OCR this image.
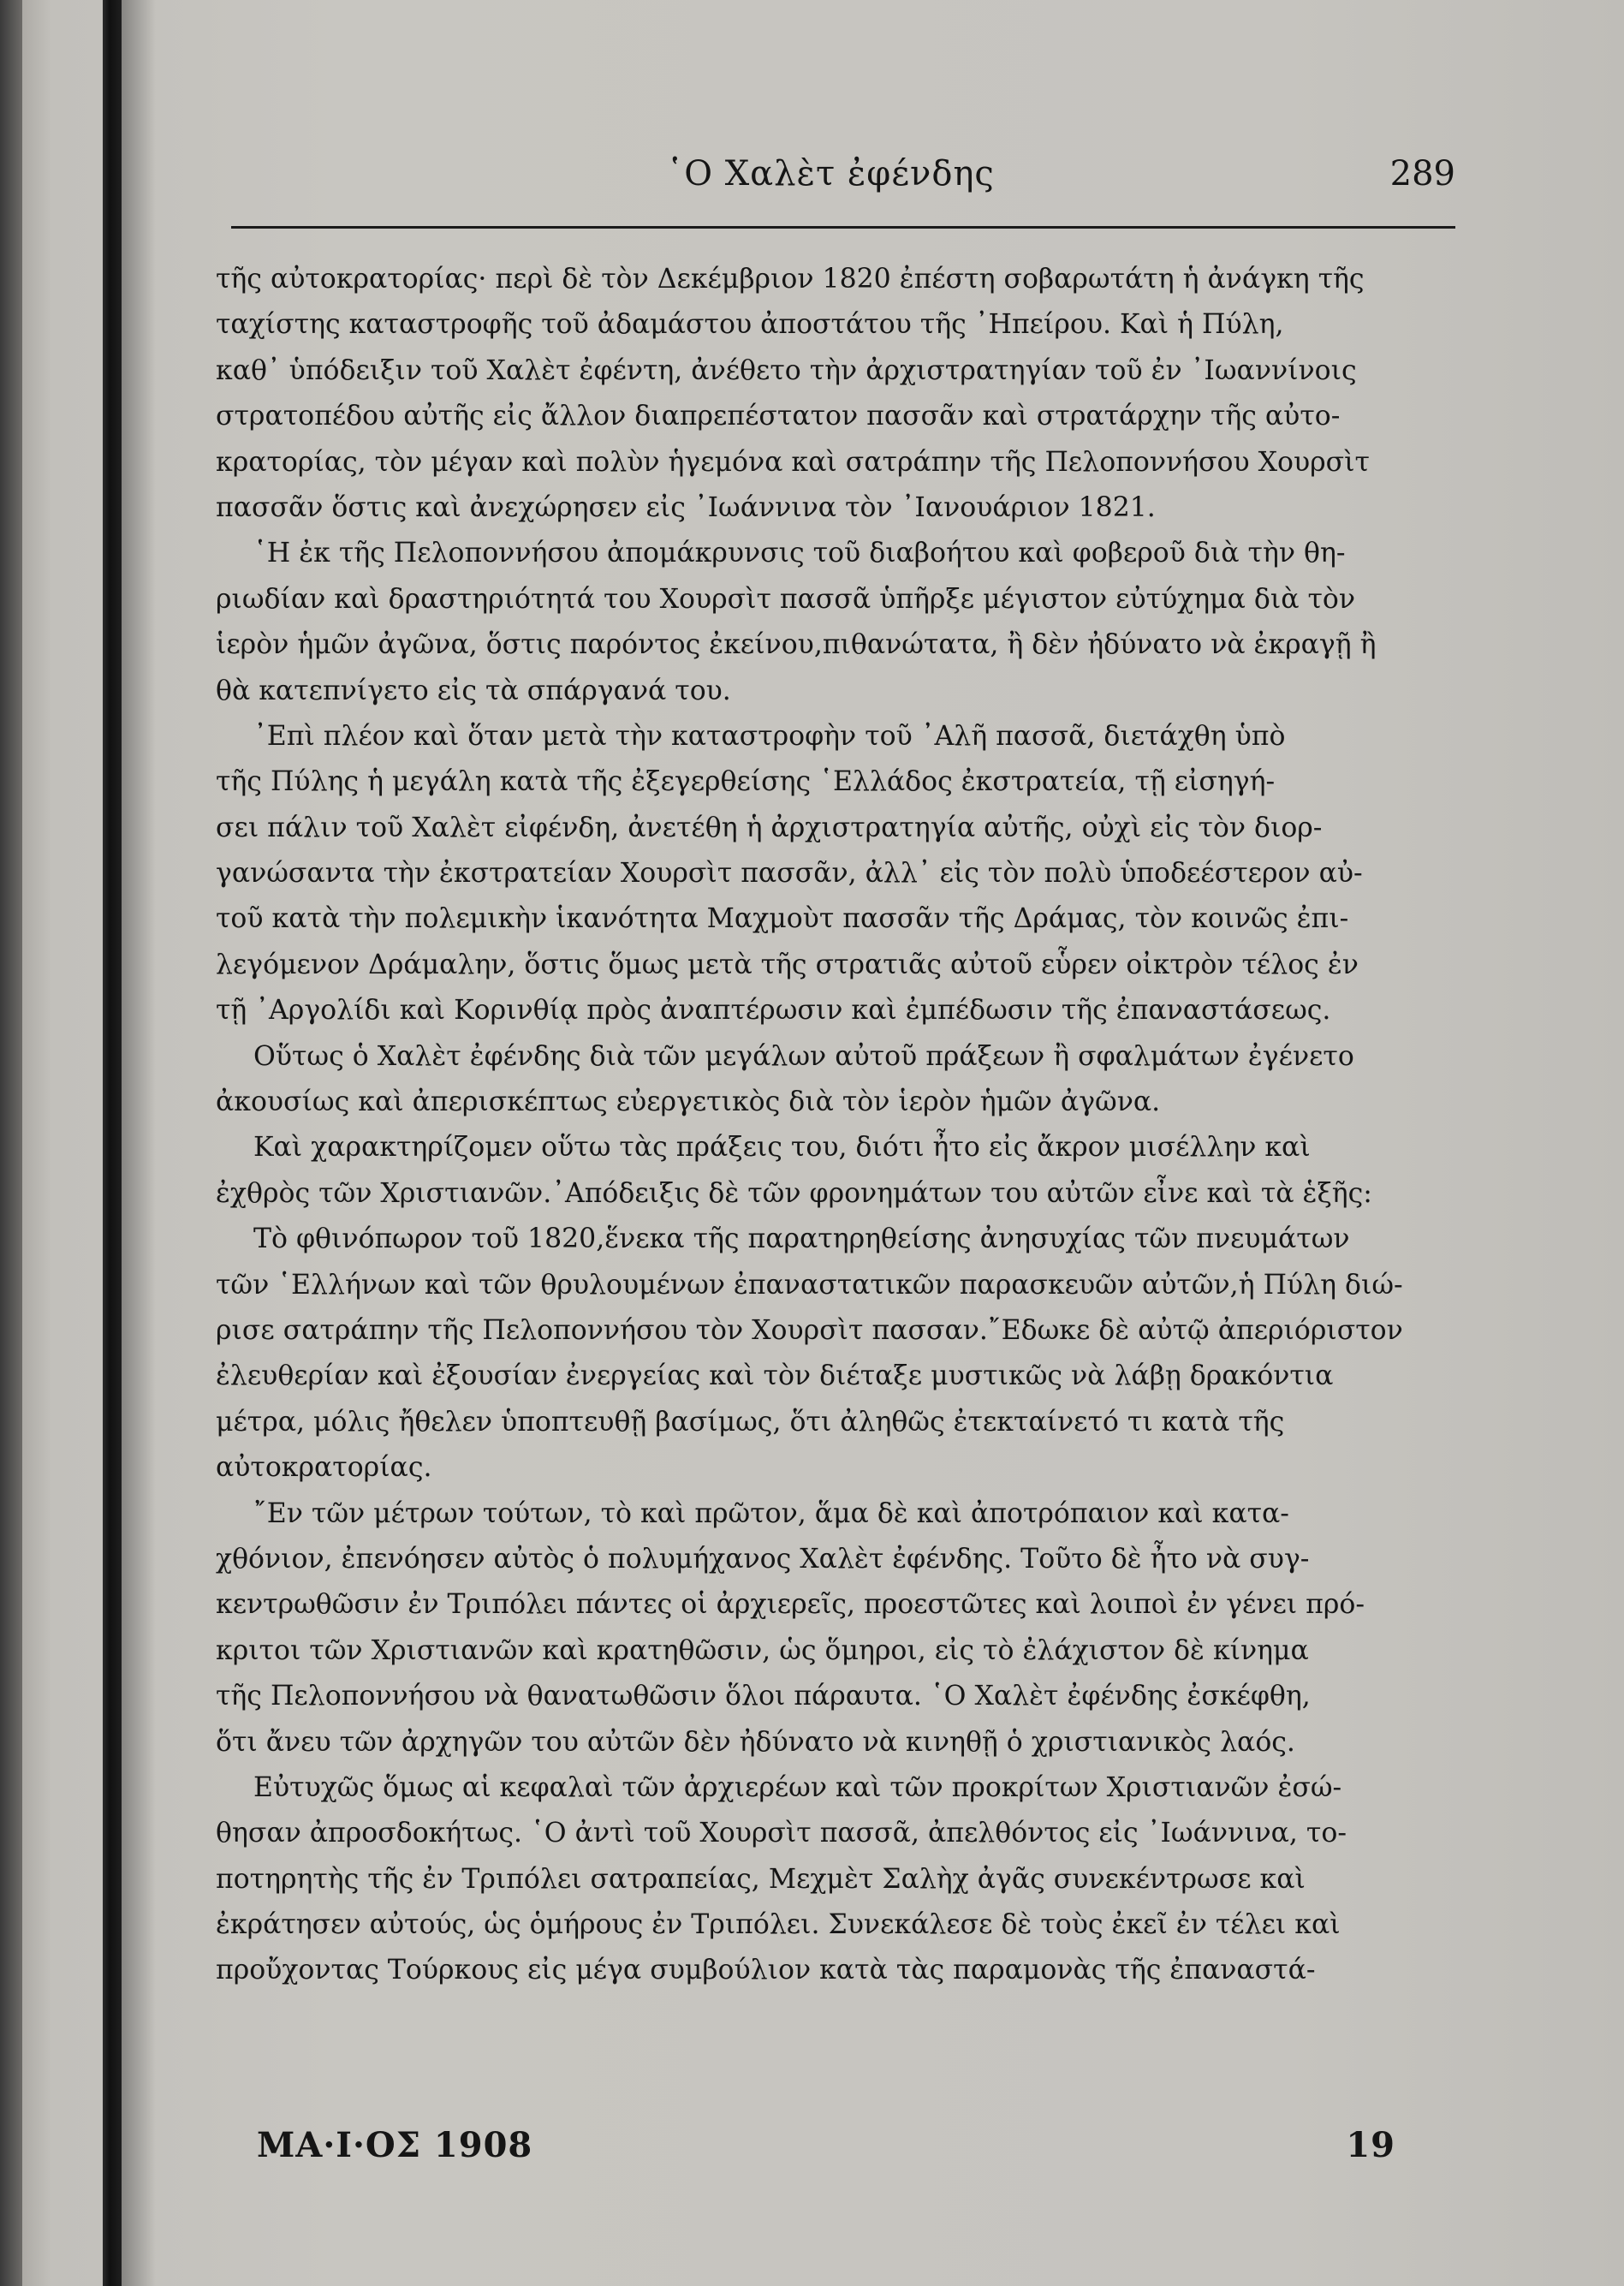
῾Ο Χαλὲτ ἐφένδης	289
τῆς αὐτοκρατορίας· περὶ δὲ τὸν Δεκέμβριον 1820 ἐπέστη σοβαρωτάτη ἡ ἀνάγκη τῆς
ταχίστης καταστροφῆς τοῦ ἀδαμάστου ἀποστάτου τῆς ᾿Ηπείρου. Καὶ ἡ Πύλη,
καθ᾿ ὑπόδειξιν τοῦ Χαλὲτ ἐφέντη, ἀνέθετο τὴν ἀρχιστρατηγίαν τοῦ ἐν ᾿Ιωαννίνοις
στρατοπέδου αὐτῆς εἰς ἄλλον διαπρεπέστατον πασσᾶν καὶ στρατάρχην τῆς αὐτο-
κρατορίας, τὸν μέγαν καὶ πολὺν ἡγεμόνα καὶ σατράπην τῆς Πελοποννήσου Χουρσὶτ
πασσᾶν ὅστις καὶ ἀνεχώρησεν εἰς ᾿Ιωάννινα τὸν ᾿Ιανουάριον 1821.
῾Η ἐκ τῆς Πελοποννήσου ἀπομάκρυνσις τοῦ διαβοήτου καὶ φοβεροῦ διὰ τὴν θη-
ριωδίαν καὶ δραστηριότητά του Χουρσὶτ πασσᾶ ὑπῆρξε μέγιστον εὐτύχημα διὰ τὸν
ἱερὸν ἡμῶν ἀγῶνα, ὅστις παρόντος ἐκείνου,πιθανώτατα, ἢ δὲν ἠδύνατο νὰ ἐκραγῇ ἢ
θὰ κατεπνίγετο εἰς τὰ σπάργανά του.
᾿Επὶ πλέον καὶ ὅταν μετὰ τὴν καταστροφὴν τοῦ ᾿Αλῆ πασσᾶ, διετάχθη ὑπὸ
τῆς Πύλης ἡ μεγάλη κατὰ τῆς ἐξεγερθείσης ῾Ελλάδος ἐκστρατεία, τῇ εἰσηγή-
σει πάλιν τοῦ Χαλὲτ εἰφένδη, ἀνετέθη ἡ ἀρχιστρατηγία αὐτῆς, οὐχὶ εἰς τὸν διορ-
γανώσαντα τὴν ἐκστρατείαν Χουρσὶτ πασσᾶν, ἀλλ᾿ εἰς τὸν πολὺ ὑποδεέστερον αὐ-
τοῦ κατὰ τὴν πολεμικὴν ἱκανότητα Μαχμοὺτ πασσᾶν τῆς Δράμας, τὸν κοινῶς ἐπι-
λεγόμενον Δράμαλην, ὅστις ὅμως μετὰ τῆς στρατιᾶς αὐτοῦ εὗρεν οἰκτρὸν τέλος ἐν
τῇ ᾿Αργολίδι καὶ Κορινθίᾳ πρὸς ἀναπτέρωσιν καὶ ἐμπέδωσιν τῆς ἐπαναστάσεως.
Οὕτως ὁ Χαλὲτ ἐφένδης διὰ τῶν μεγάλων αὐτοῦ πράξεων ἢ σφαλμάτων ἐγένετο
ἀκουσίως καὶ ἀπερισκέπτως εὐεργετικὸς διὰ τὸν ἱερὸν ἡμῶν ἀγῶνα.
Καὶ χαρακτηρίζομεν οὕτω τὰς πράξεις του, διότι ἦτο εἰς ἄκρον μισέλλην καὶ
ἐχθρὸς τῶν Χριστιανῶν.᾿Απόδειξις δὲ τῶν φρονημάτων του αὐτῶν εἶνε καὶ τὰ ἑξῆς:
Τὸ φθινόπωρον τοῦ 1820,ἕνεκα τῆς παρατηρηθείσης ἀνησυχίας τῶν πνευμάτων
τῶν ῾Ελλήνων καὶ τῶν θρυλουμένων ἐπαναστατικῶν παρασκευῶν αὐτῶν,ἡ Πύλη διώ-
ρισε σατράπην τῆς Πελοποννήσου τὸν Χουρσὶτ πασσαν.῎Εδωκε δὲ αὐτῷ ἀπεριόριστον
ἐλευθερίαν καὶ ἐξουσίαν ἐνεργείας καὶ τὸν διέταξε μυστικῶς νὰ λάβῃ δρακόντια
μέτρα, μόλις ἤθελεν ὑποπτευθῇ βασίμως, ὅτι ἀληθῶς ἐτεκταίνετό τι κατὰ τῆς
αὐτοκρατορίας.
῎Εν τῶν μέτρων τούτων, τὸ καὶ πρῶτον, ἅμα δὲ καὶ ἀποτρόπαιον καὶ κατα-
χθόνιον, ἐπενόησεν αὐτὸς ὁ πολυμήχανος Χαλὲτ ἐφένδης. Τοῦτο δὲ ἦτο νὰ συγ-
κεντρωθῶσιν ἐν Τριπόλει πάντες οἱ ἀρχιερεῖς, προεστῶτες καὶ λοιποὶ ἐν γένει πρό-
κριτοι τῶν Χριστιανῶν καὶ κρατηθῶσιν, ὡς ὅμηροι, εἰς τὸ ἐλάχιστον δὲ κίνημα
τῆς Πελοποννήσου νὰ θανατωθῶσιν ὅλοι πάραυτα. ῾Ο Χαλὲτ ἐφένδης ἐσκέφθη,
ὅτι ἄνευ τῶν ἀρχηγῶν του αὐτῶν δὲν ἠδύνατο νὰ κινηθῇ ὁ χριστιανικὸς λαός.
Εὐτυχῶς ὅμως αἱ κεφαλαὶ τῶν ἀρχιερέων καὶ τῶν προκρίτων Χριστιανῶν ἐσώ-
θησαν ἀπροσδοκήτως. ῾Ο ἀντὶ τοῦ Χουρσὶτ πασσᾶ, ἀπελθόντος εἰς ᾿Ιωάννινα, το-
ποτηρητὴς τῆς ἐν Τριπόλει σατραπείας, Μεχμὲτ Σαλὴχ ἀγᾶς συνεκέντρωσε καὶ
ἐκράτησεν αὐτούς, ὡς ὁμήρους ἐν Τριπόλει. Συνεκάλεσε δὲ τοὺς ἐκεῖ ἐν τέλει καὶ
προὔχοντας Τούρκους εἰς μέγα συμβούλιον κατὰ τὰς παραμονὰς τῆς ἐπαναστά-
ΜΑ·Ι·ΟΣ 1908	19
